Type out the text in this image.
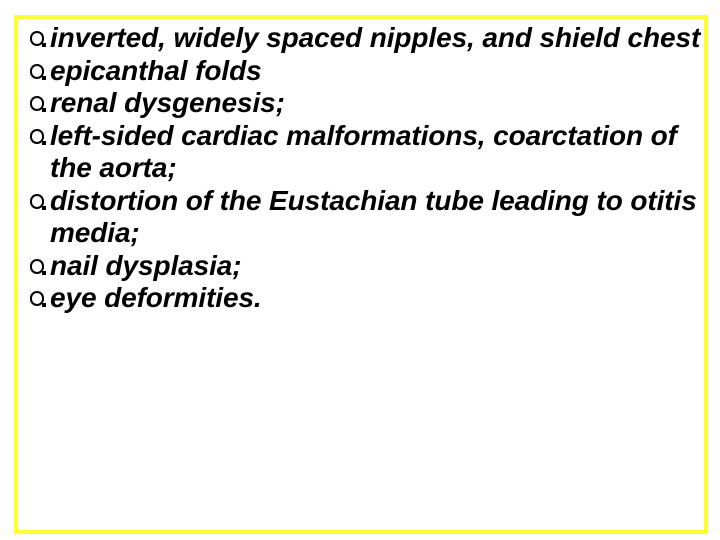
inverted, widely spaced nipples, and shield chest
epicanthal folds
renal dysgenesis;
left-sided cardiac malformations, coarctation of the aorta;
distortion of the Eustachian tube leading to otitis media;
nail dysplasia;
eye deformities.
